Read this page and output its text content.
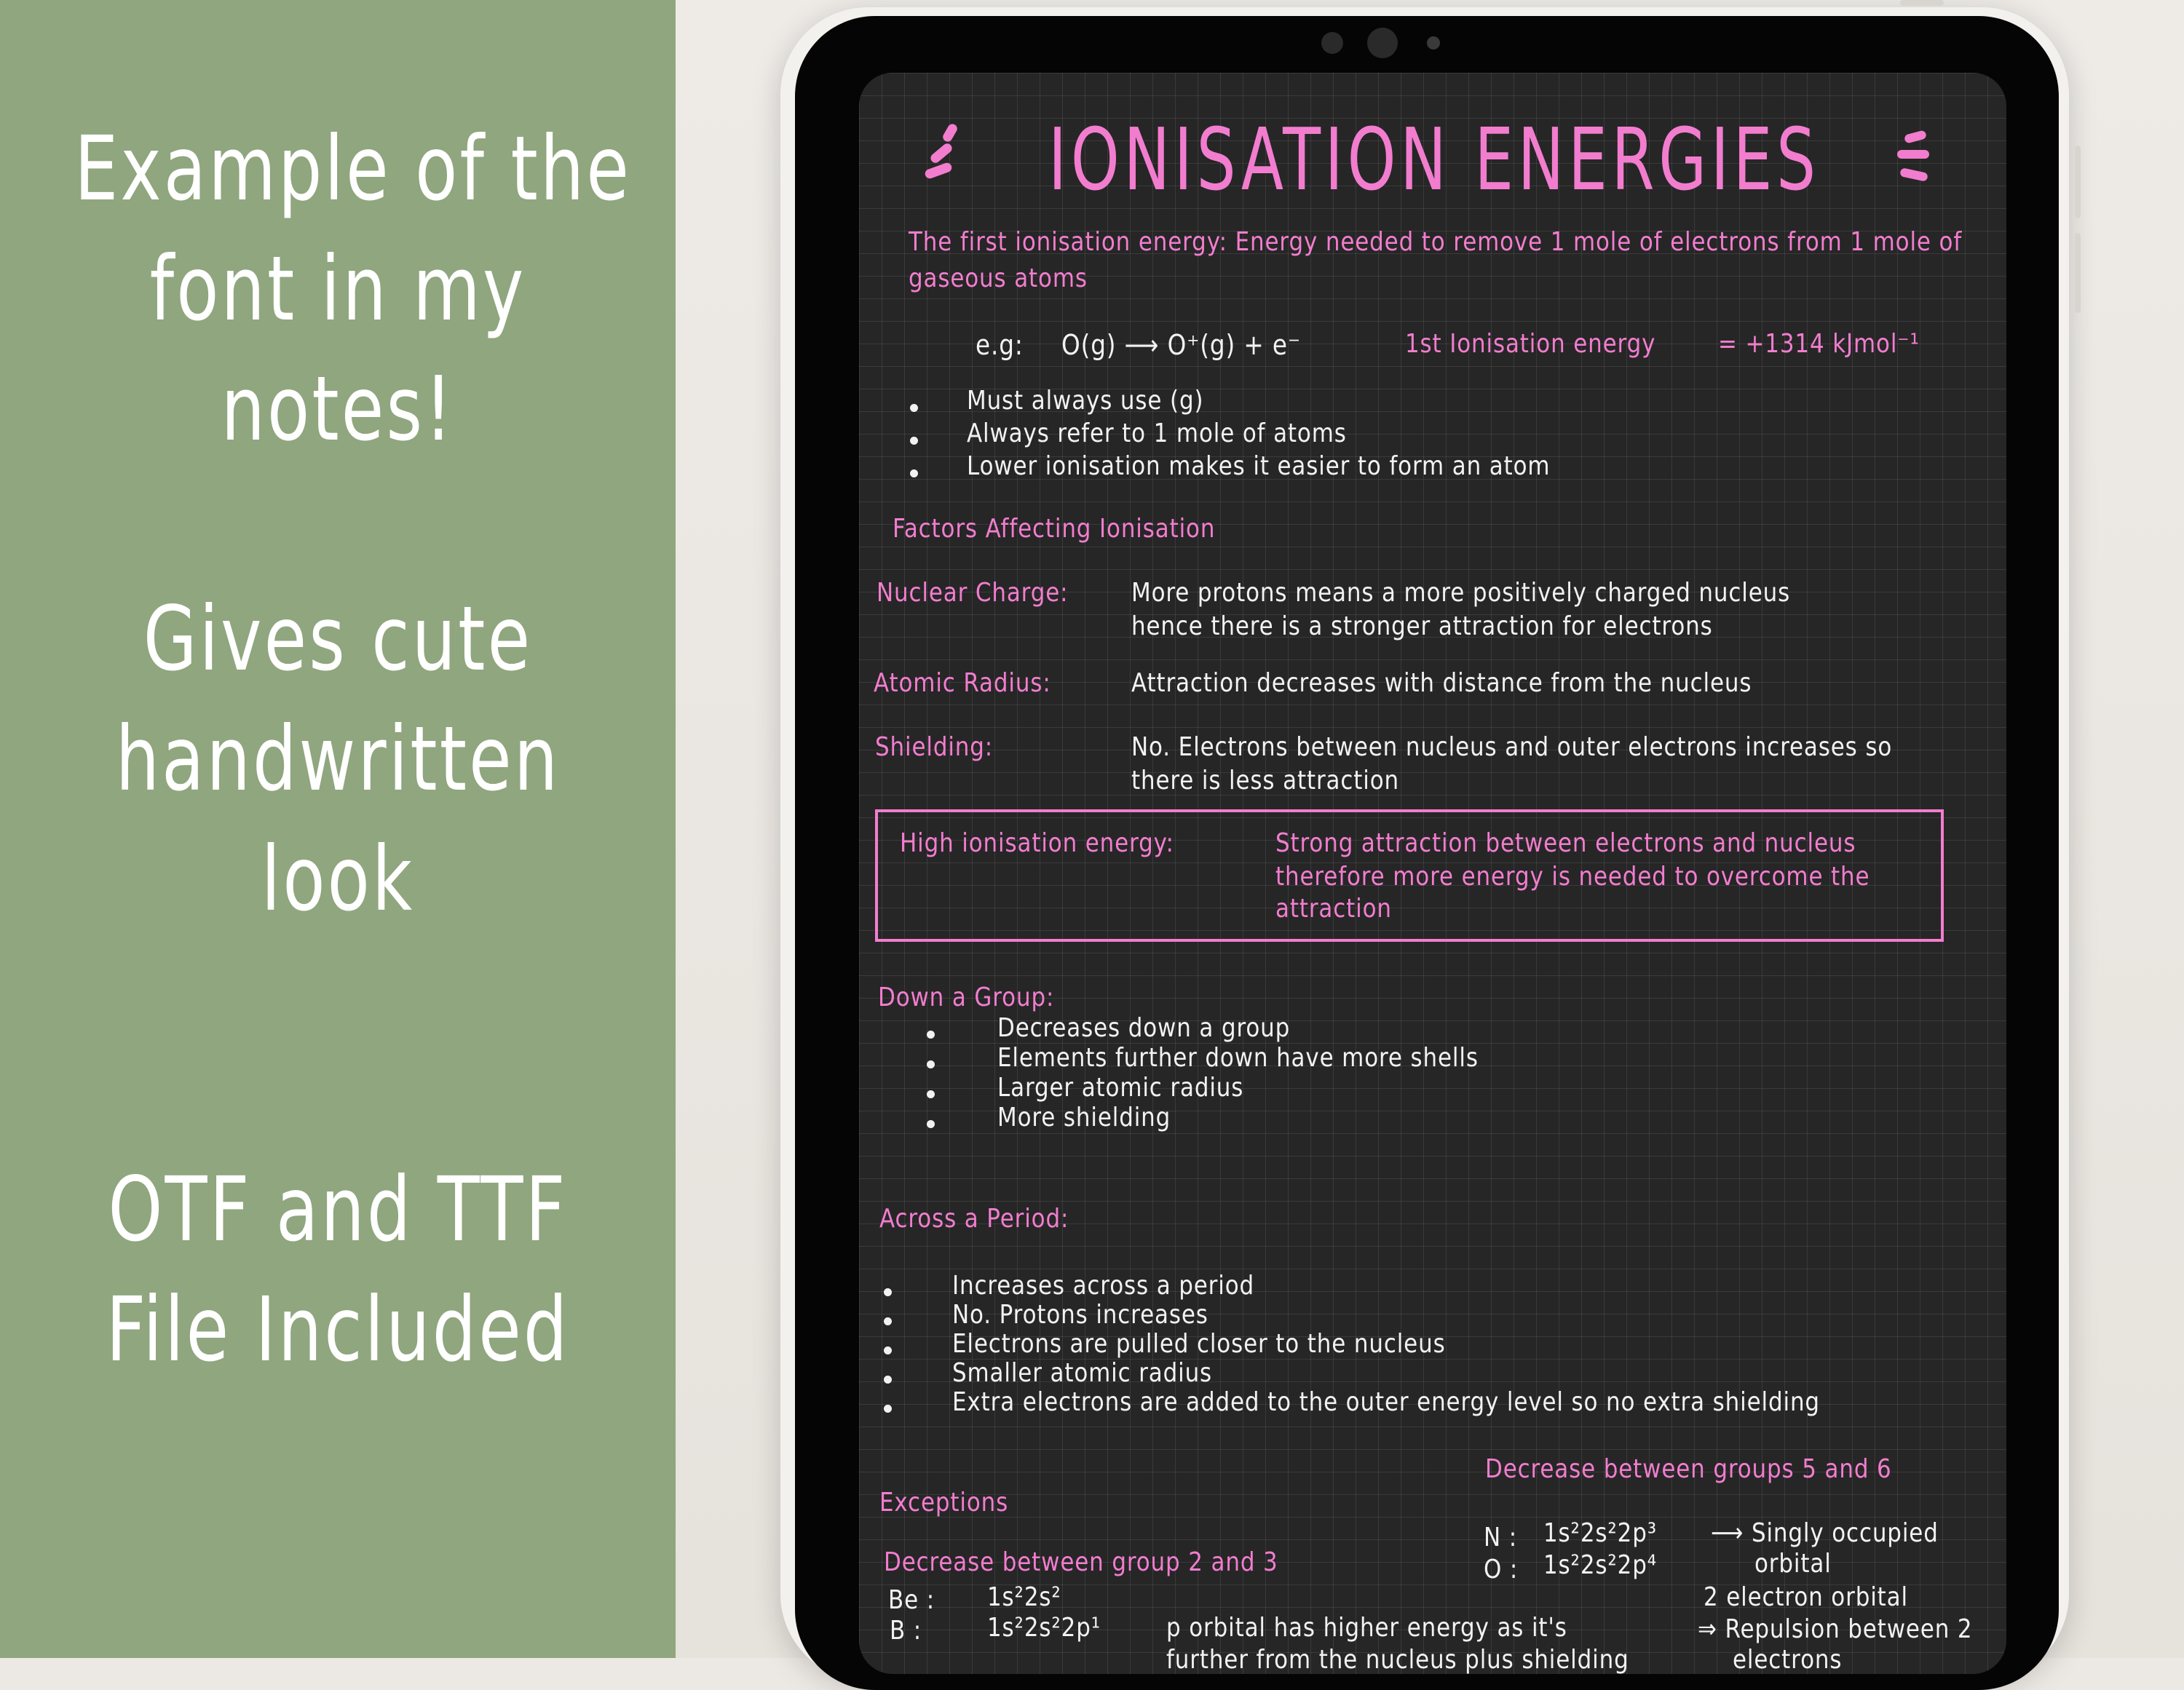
Example of the
font in my
notes!
Gives cute
handwritten
look
OTF and TTF
File Included
IONISATION ENERGIES
The first ionisation energy: Energy needed to remove 1 mole of electrons from 1 mole of
gaseous atoms
e.g: O(g) ⟶ O⁺(g) + e⁻	1st Ionisation energy = +1314 kJmol⁻¹
Must always use (g)
Always refer to 1 mole of atoms
Lower ionisation makes it easier to form an atom
Factors Affecting Ionisation
Nuclear Charge: More protons means a more positively charged nucleus
hence there is a stronger attraction for electrons
Atomic Radius:	Attraction decreases with distance from the nucleus
Shielding:	No. Electrons between nucleus and outer electrons increases so
there is less attraction
High ionisation energy:	Strong attraction between electrons and nucleus
therefore more energy is needed to overcome the
attraction
Down a Group:
Decreases down a group
Elements further down have more shells
Larger atomic radius
More shielding
Across a Period:
Increases across a period
No. Protons increases
Electrons are pulled closer to the nucleus
Smaller atomic radius
Extra electrons are added to the outer energy level so no extra shielding
Exceptions
Decrease between group 2 and 3
Be : 1s²2s²
B : 1s²2s²2p¹	p orbital has higher energy as it's
further from the nucleus plus shielding
Decrease between groups 5 and 6
N : 1s²2s²2p³
O : 1s²2s²2p⁴
⟶ Singly occupied
orbital
2 electron orbital
⇒ Repulsion between 2
electrons
